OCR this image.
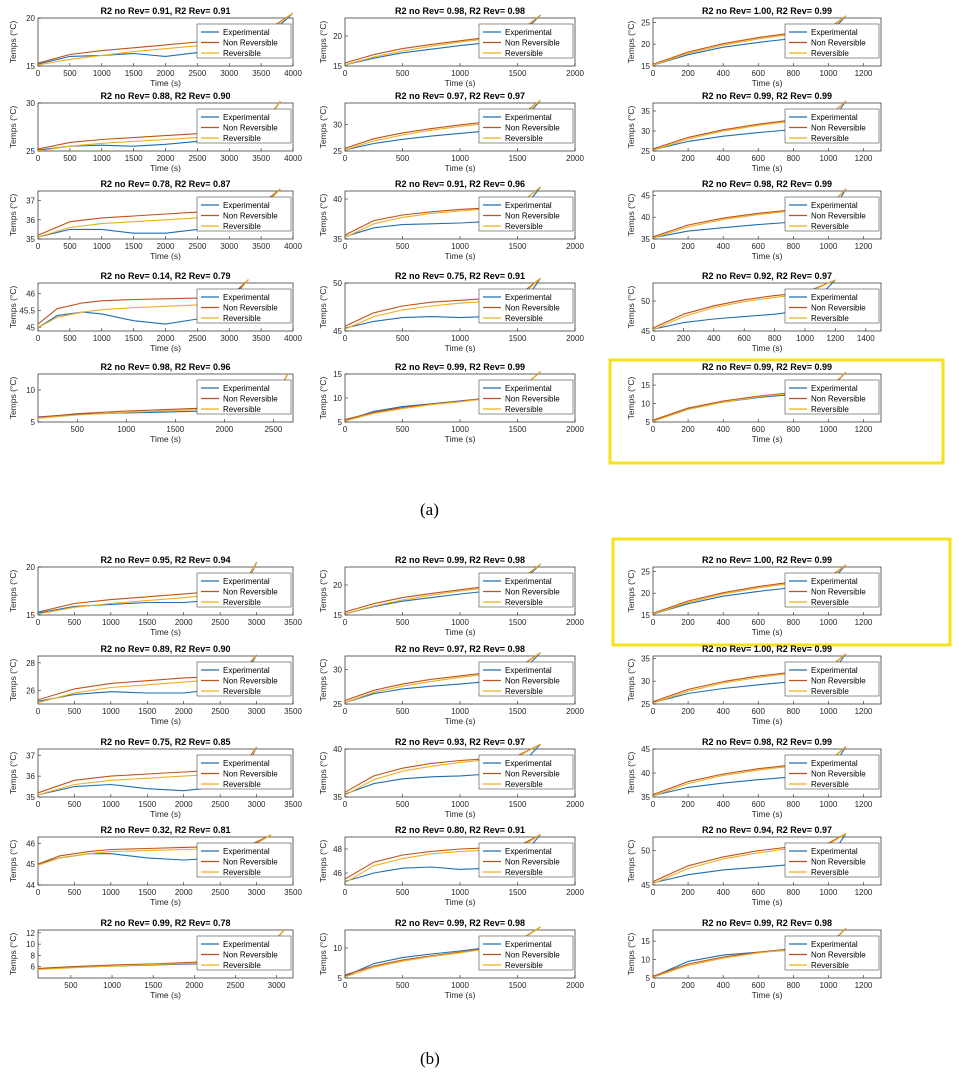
R2 no Rev= 0.91, R2 Rev= 0.91
0	500 1000 1500 2000 2500 3000 3500 4000
15
20
Time (s)
Temps (°C)	Experimental
Non Reversible
Reversible
R2 no Rev= 0.98, R2 Rev= 0.98
0	500	1000	1500	2000
15
20
Time (s)
Temps (°C)	Experimental
Non Reversible
Reversible
R2 no Rev= 1.00, R2 Rev= 0.99
0	200	400	600	800 1000 1200
15
20
25
Time (s)
Temps (°C)	Experimental
Non Reversible
Reversible
R2 no Rev= 0.88, R2 Rev= 0.90
0	500 1000 1500 2000 2500 3000 3500 4000
25
30
Time (s)
Temps (°C)	Experimental
Non Reversible
Reversible
R2 no Rev= 0.97, R2 Rev= 0.97
0	500	1000	1500	2000
25
30
Time (s)
Temps (°C)	Experimental
Non Reversible
Reversible
R2 no Rev= 0.99, R2 Rev= 0.99
0	200	400	600	800 1000 1200
25
30
35
Time (s)
Temps (°C)	Experimental
Non Reversible
Reversible
R2 no Rev= 0.78, R2 Rev= 0.87
0	500 1000 1500 2000 2500 3000 3500 4000
35
36
37
Time (s)
Temps (°C)	Experimental
Non Reversible
Reversible
R2 no Rev= 0.91, R2 Rev= 0.96
0	500	1000	1500	2000
35
40
Time (s)
Temps (°C)	Experimental
Non Reversible
Reversible
R2 no Rev= 0.98, R2 Rev= 0.99
0	200	400	600	800 1000 1200
35
40
45
Time (s)
Temps (°C)	Experimental
Non Reversible
Reversible
R2 no Rev= 0.14, R2 Rev= 0.79
0	500 1000 1500 2000 2500 3000 3500 4000
45
45.5
46
Time (s)
Temps (°C)	Experimental
Non Reversible
Reversible
R2 no Rev= 0.75, R2 Rev= 0.91
0	500	1000	1500	2000
45
50
Time (s)
Temps (°C)	Experimental
Non Reversible
Reversible
R2 no Rev= 0.92, R2 Rev= 0.97
0	200 400 600 800 1000 1200 1400
45
50
Time (s)
Temps (°C)	Experimental
Non Reversible
Reversible
R2 no Rev= 0.98, R2 Rev= 0.96
500	1000	1500	2000	2500
5
10
Time (s)
Temps (°C)	Experimental
Non Reversible
Reversible
R2 no Rev= 0.99, R2 Rev= 0.99
0	500	1000	1500	2000
5
10
15
Time (s)
Temps (°C)	Experimental
Non Reversible
Reversible
R2 no Rev= 0.99, R2 Rev= 0.99
0	200	400	600	800 1000 1200
5
10
15
Time (s)
Temps (°C)	Experimental
Non Reversible
Reversible
R2 no Rev= 0.95, R2 Rev= 0.94
0	500	1000 1500 2000 2500 3000 3500
15
20
Time (s)
Temps (°C)	Experimental
Non Reversible
Reversible
R2 no Rev= 0.99, R2 Rev= 0.98
0	500	1000	1500	2000
15
20
Time (s)
Temps (°C)	Experimental
Non Reversible
Reversible
R2 no Rev= 1.00, R2 Rev= 0.99
0	200	400	600	800 1000 1200
15
20
25
Time (s)
Temps (°C)	Experimental
Non Reversible
Reversible
R2 no Rev= 0.89, R2 Rev= 0.90
0	500	1000 1500 2000 2500 3000 3500
26
28
Time (s)
Temps (°C)	Experimental
Non Reversible
Reversible
R2 no Rev= 0.97, R2 Rev= 0.98
0	500	1000	1500	2000
25
30
Time (s)
Temps (°C)	Experimental
Non Reversible
Reversible
R2 no Rev= 1.00, R2 Rev= 0.99
0	200	400	600	800 1000 1200
25
30
35
Time (s)
Temps (°C)	Experimental
Non Reversible
Reversible
R2 no Rev= 0.75, R2 Rev= 0.85
0	500	1000 1500 2000 2500 3000 3500
35
36
37
Time (s)
Temps (°C)	Experimental
Non Reversible
Reversible
R2 no Rev= 0.93, R2 Rev= 0.97
0	500	1000	1500	2000
35
40
Time (s)
Temps (°C)	Experimental
Non Reversible
Reversible
R2 no Rev= 0.98, R2 Rev= 0.99
0	200	400	600	800 1000 1200
35
40
45
Time (s)
Temps (°C)	Experimental
Non Reversible
Reversible
R2 no Rev= 0.32, R2 Rev= 0.81
0	500	1000 1500 2000 2500 3000 3500
44
45
46
Time (s)
Temps (°C)	Experimental
Non Reversible
Reversible
R2 no Rev= 0.80, R2 Rev= 0.91
0	500	1000	1500	2000
46
48
Time (s)
Temps (°C)	Experimental
Non Reversible
Reversible
R2 no Rev= 0.94, R2 Rev= 0.97
0	200	400	600	800 1000 1200
45
50
Time (s)
Temps (°C)	Experimental
Non Reversible
Reversible
R2 no Rev= 0.99, R2 Rev= 0.78
500	1000	1500	2000	2500	3000
6
8
10
12
Time (s)
Temps (°C)	Experimental
Non Reversible
Reversible
R2 no Rev= 0.99, R2 Rev= 0.98
0	500	1000	1500	2000
5
10
Time (s)
Temps (°C)	Experimental
Non Reversible
Reversible
R2 no Rev= 0.99, R2 Rev= 0.98
0	200	400	600	800 1000 1200
5
10
15
Time (s)
Temps (°C)	Experimental
Non Reversible
Reversible
(a)
(b)
